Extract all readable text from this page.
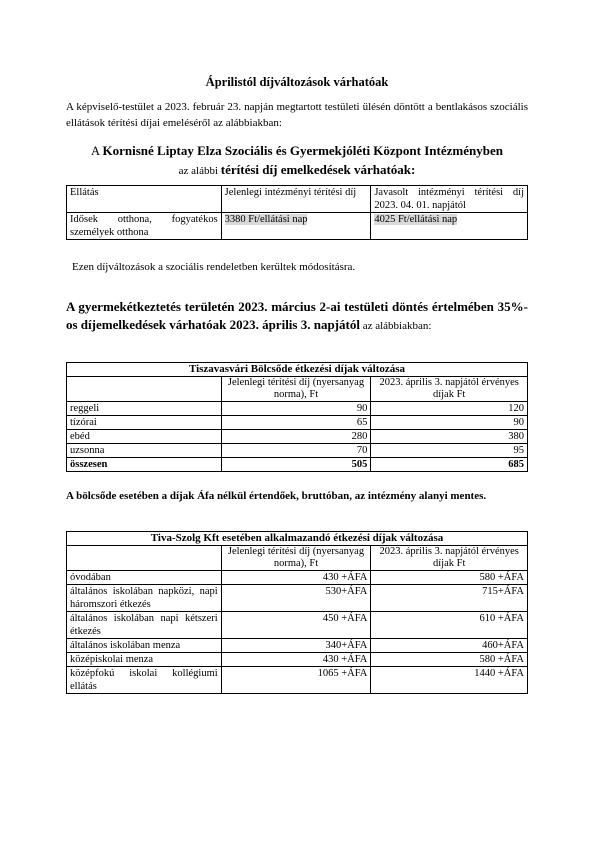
Áprilistól díjváltozások várhatóak
A képviselő-testület a 2023. február 23. napján megtartott testületi ülésén döntött a bentlakásos szociális ellátások térítési díjai emeléséről az alábbiakban:
A Kornisné Liptay Elza Szociális és Gyermekjóléti Központ Intézményben
az alábbi térítési díj emelkedések várhatóak:
Ellátás	Jelenlegi intézményi térítési díj	Javasolt intézményi térítési díj 2023. 04. 01. napjától
Idősek otthona, fogyatékos személyek otthona	3380 Ft/ellátási nap	4025 Ft/ellátási nap
Ezen díjváltozások a szociális rendeletben kerültek módosításra.
A gyermekétkeztetés területén 2023. március 2-ai testületi döntés értelmében 35%-os díjemelkedések várhatóak 2023. április 3. napjától az alábbiakban:
Tiszavasvári Bölcsőde étkezési díjak változása		
	Jelenlegi térítési díj (nyersanyag norma), Ft	2023. április 3. napjától érvényes díjak Ft
reggeli	90	120
tízórai	65	90
ebéd	280	380
uzsonna	70	95
összesen	505	685
A bölcsőde esetében a díjak Áfa nélkül értendőek, bruttóban, az intézmény alanyi mentes.
Tiva-Szolg Kft esetében alkalmazandó étkezési díjak változása		
	Jelenlegi térítési díj (nyersanyag norma), Ft	2023. április 3. napjától érvényes díjak Ft
óvodában	430 +ÁFA	580 +ÁFA
általános iskolában napközi, napi háromszori étkezés	530+ÁFA	715+ÁFA
általános iskolában napi kétszeri étkezés	450 +ÁFA	610 +ÁFA
általános iskolában menza	340+ÁFA	460+ÁFA
középiskolai menza	430 +ÁFA	580 +ÁFA
középfokú iskolai kollégiumi ellátás	1065 +ÁFA	1440 +ÁFA
